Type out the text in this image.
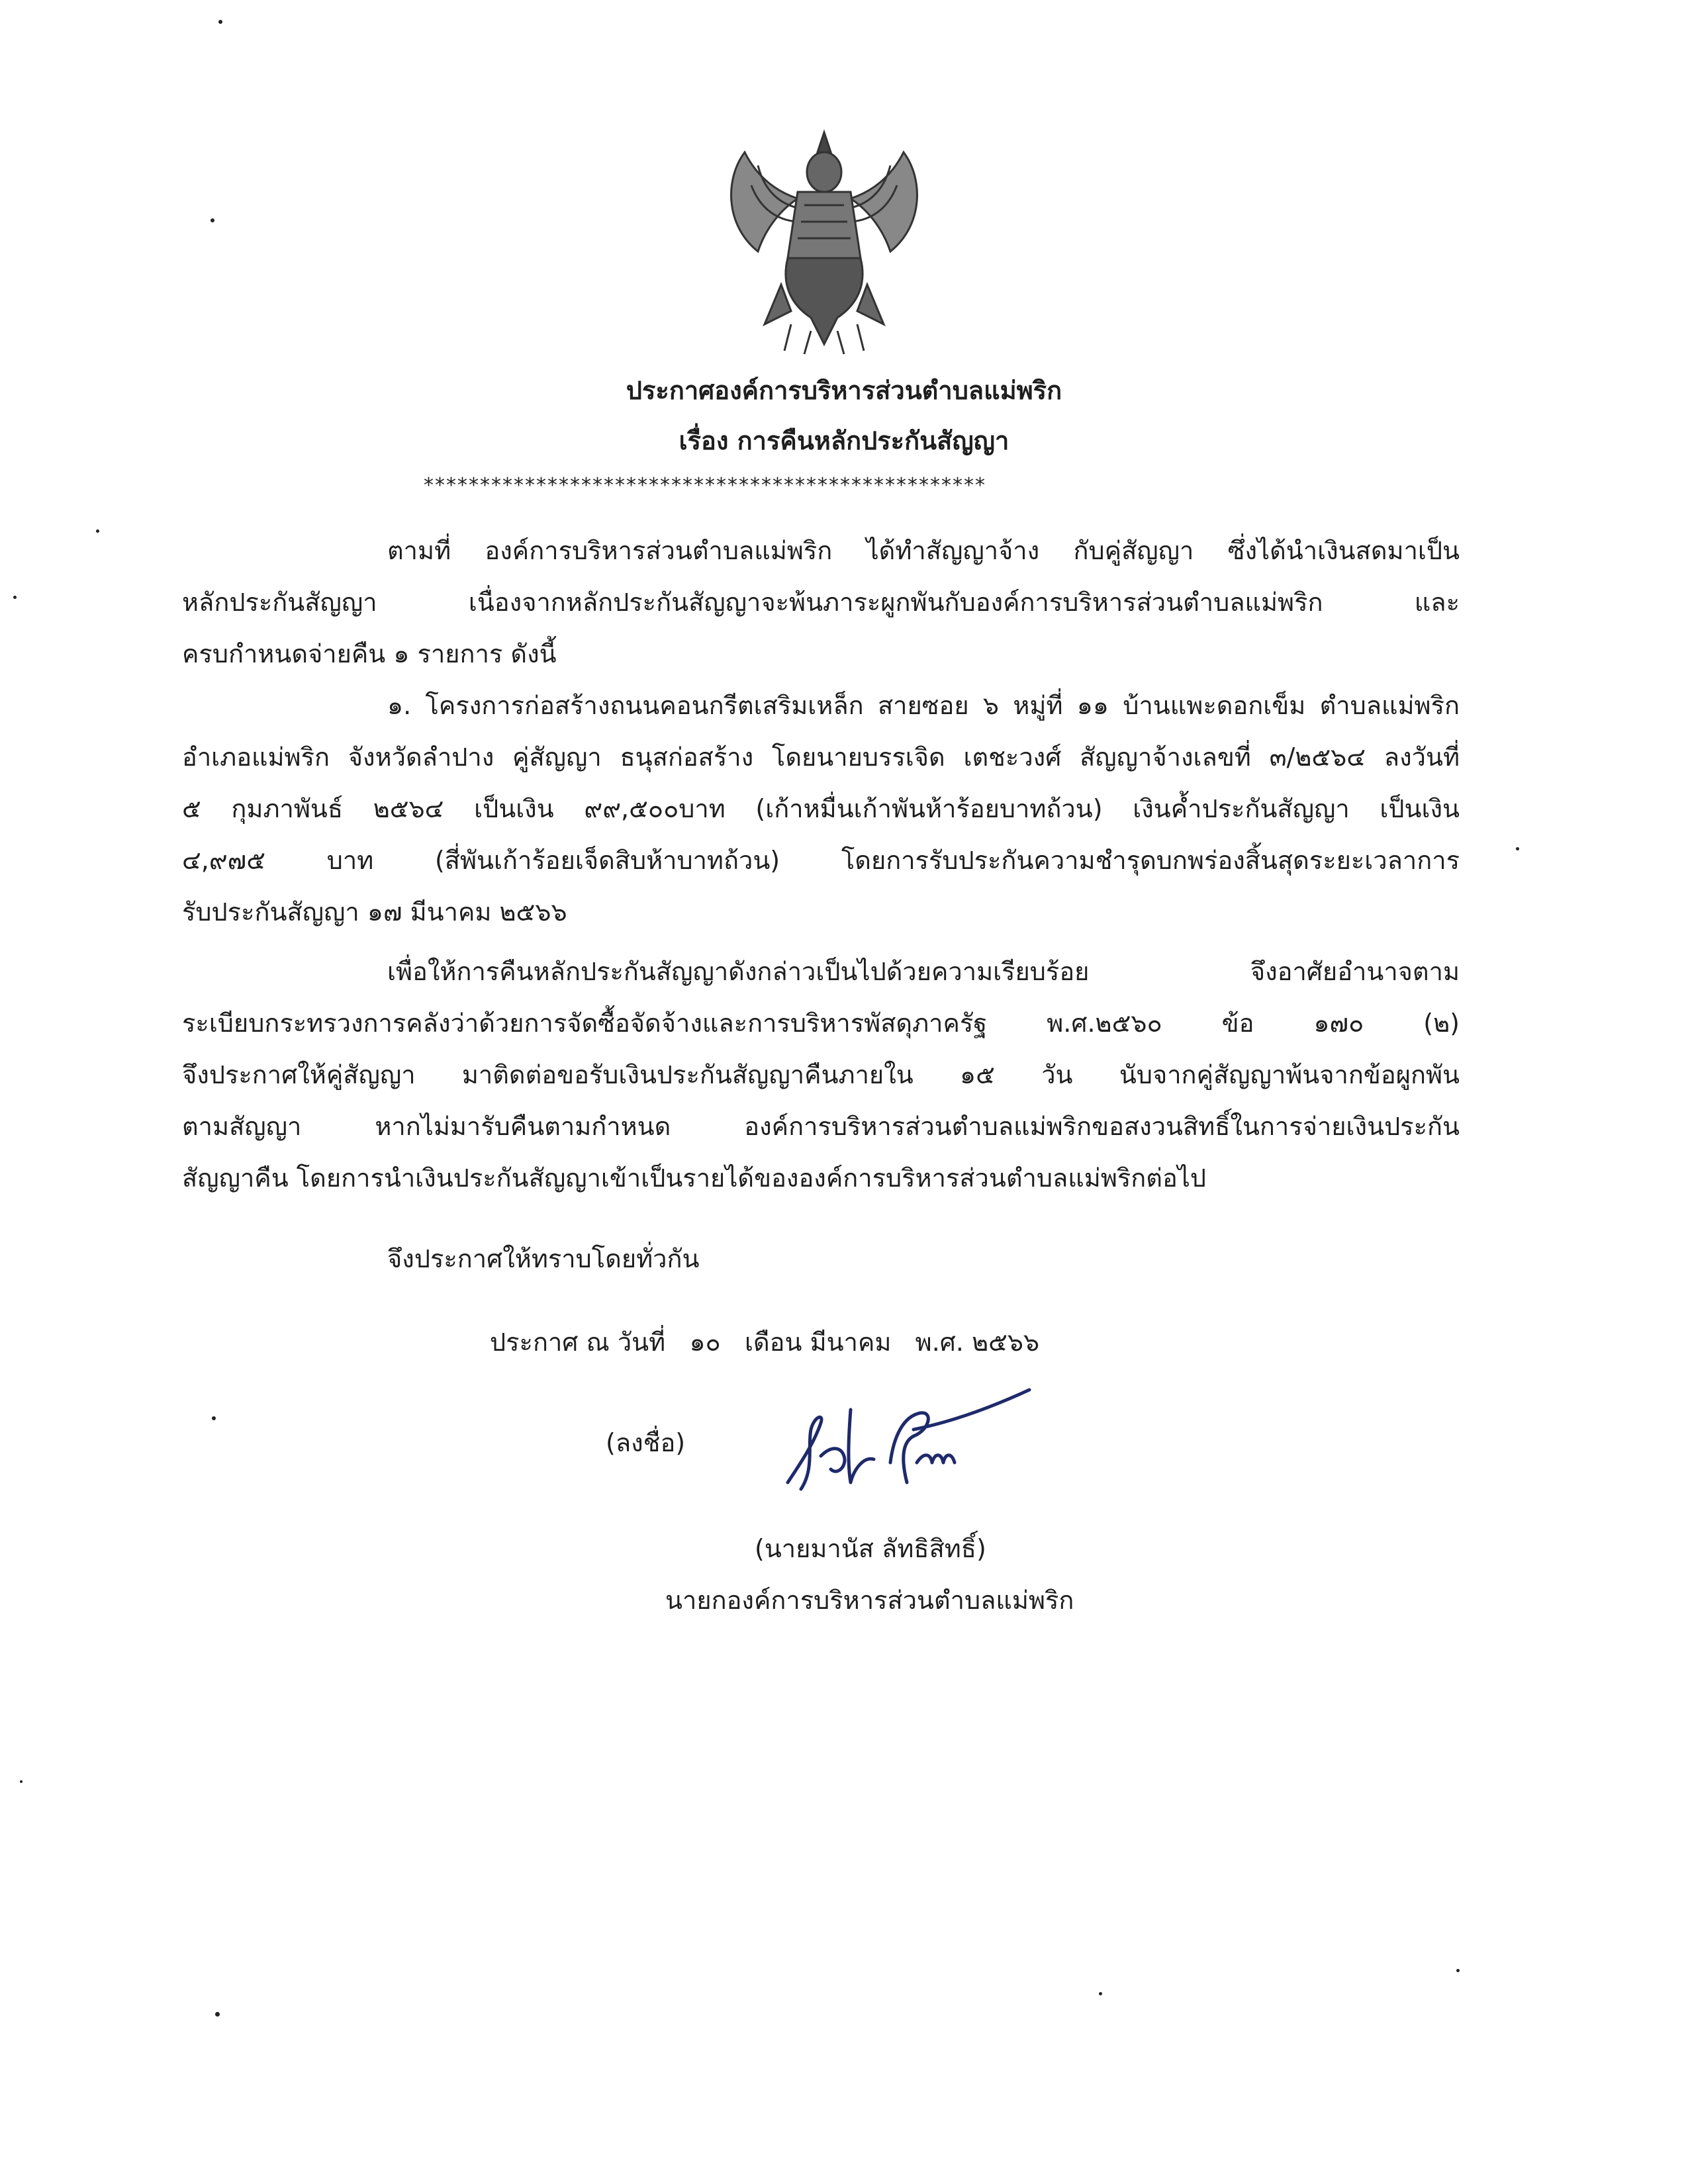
ประกาศองค์การบริหารส่วนตำบลแม่พริก
เรื่อง การคืนหลักประกันสัญญา
**************************************************
ตามที่ องค์การบริหารส่วนตำบลแม่พริก ได้ทำสัญญาจ้าง กับคู่สัญญา ซึ่งได้นำเงินสดมาเป็น
หลักประกันสัญญา เนื่องจากหลักประกันสัญญาจะพ้นภาระผูกพันกับองค์การบริหารส่วนตำบลแม่พริก และ
ครบกำหนดจ่ายคืน ๑ รายการ ดังนี้
๑. โครงการก่อสร้างถนนคอนกรีตเสริมเหล็ก สายซอย ๖ หมู่ที่ ๑๑ บ้านแพะดอกเข็ม ตำบลแม่พริก
อำเภอแม่พริก จังหวัดลำปาง คู่สัญญา ธนุสก่อสร้าง โดยนายบรรเจิด เตชะวงศ์ สัญญาจ้างเลขที่ ๓/๒๕๖๔ ลงวันที่
๕ กุมภาพันธ์ ๒๕๖๔ เป็นเงิน ๙๙,๕๐๐บาท (เก้าหมื่นเก้าพันห้าร้อยบาทถ้วน) เงินค้ำประกันสัญญา เป็นเงิน
๔,๙๗๕ บาท (สี่พันเก้าร้อยเจ็ดสิบห้าบาทถ้วน) โดยการรับประกันความชำรุดบกพร่องสิ้นสุดระยะเวลาการ
รับประกันสัญญา ๑๗ มีนาคม ๒๕๖๖
เพื่อให้การคืนหลักประกันสัญญาดังกล่าวเป็นไปด้วยความเรียบร้อย จึงอาศัยอำนาจตาม
ระเบียบกระทรวงการคลังว่าด้วยการจัดซื้อจัดจ้างและการบริหารพัสดุภาครัฐ พ.ศ.๒๕๖๐ ข้อ ๑๗๐ (๒)
จึงประกาศให้คู่สัญญา มาติดต่อขอรับเงินประกันสัญญาคืนภายใน ๑๕ วัน นับจากคู่สัญญาพ้นจากข้อผูกพัน
ตามสัญญา หากไม่มารับคืนตามกำหนด องค์การบริหารส่วนตำบลแม่พริกขอสงวนสิทธิ์ในการจ่ายเงินประกัน
สัญญาคืน โดยการนำเงินประกันสัญญาเข้าเป็นรายได้ขององค์การบริหารส่วนตำบลแม่พริกต่อไป
จึงประกาศให้ทราบโดยทั่วกัน
ประกาศ ณ วันที่ ๑๐ เดือน มีนาคม พ.ศ. ๒๕๖๖
(ลงชื่อ)
(นายมานัส ลัทธิสิทธิ์)
นายกองค์การบริหารส่วนตำบลแม่พริก
